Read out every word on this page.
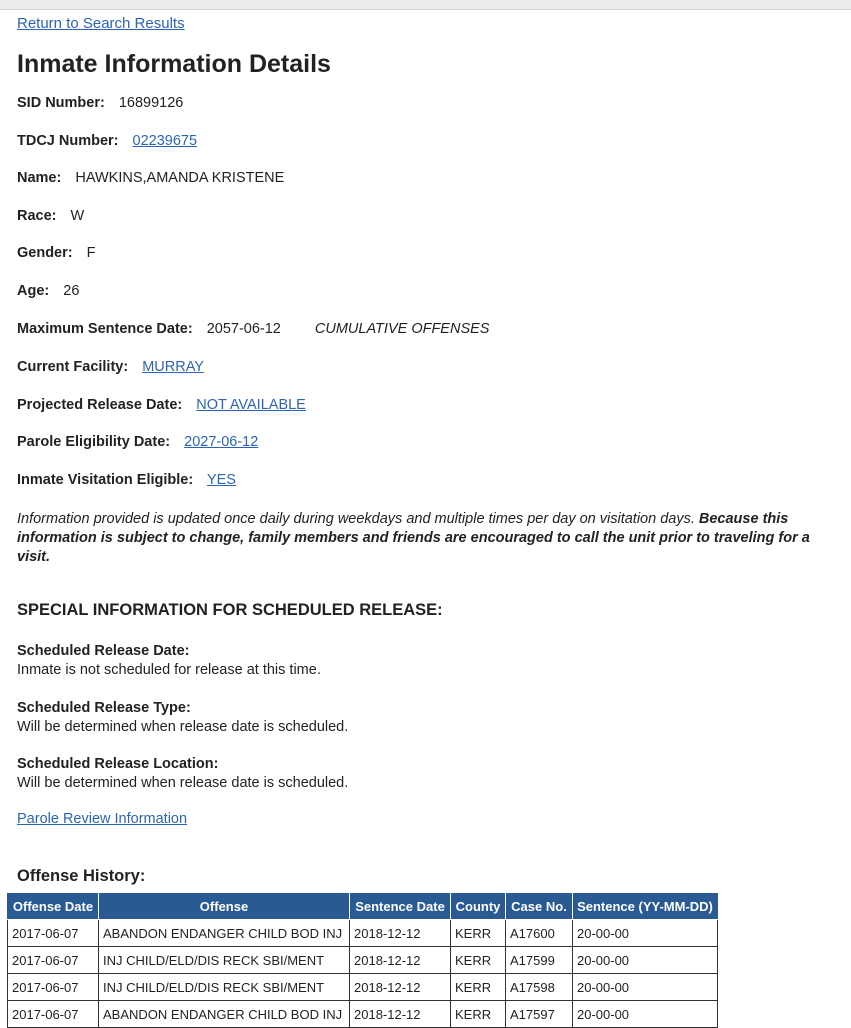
Return to Search Results
Inmate Information Details
SID Number: 16899126
TDCJ Number: 02239675
Name: HAWKINS,AMANDA KRISTENE
Race: W
Gender: F
Age: 26
Maximum Sentence Date: 2057-06-12 CUMULATIVE OFFENSES
Current Facility: MURRAY
Projected Release Date: NOT AVAILABLE
Parole Eligibility Date: 2027-06-12
Inmate Visitation Eligible: YES
Information provided is updated once daily during weekdays and multiple times per day on visitation days. Because this information is subject to change, family members and friends are encouraged to call the unit prior to traveling for a visit.
SPECIAL INFORMATION FOR SCHEDULED RELEASE:
Scheduled Release Date:
Inmate is not scheduled for release at this time.
Scheduled Release Type:
Will be determined when release date is scheduled.
Scheduled Release Location:
Will be determined when release date is scheduled.
Parole Review Information
Offense History:
Offense Date	Offense	Sentence Date	County	Case No.	Sentence (YY-MM-DD)
2017-06-07	ABANDON ENDANGER CHILD BOD INJ	2018-12-12	KERR	A17600	20-00-00
2017-06-07	INJ CHILD/ELD/DIS RECK SBI/MENT	2018-12-12	KERR	A17599	20-00-00
2017-06-07	INJ CHILD/ELD/DIS RECK SBI/MENT	2018-12-12	KERR	A17598	20-00-00
2017-06-07	ABANDON ENDANGER CHILD BOD INJ	2018-12-12	KERR	A17597	20-00-00
